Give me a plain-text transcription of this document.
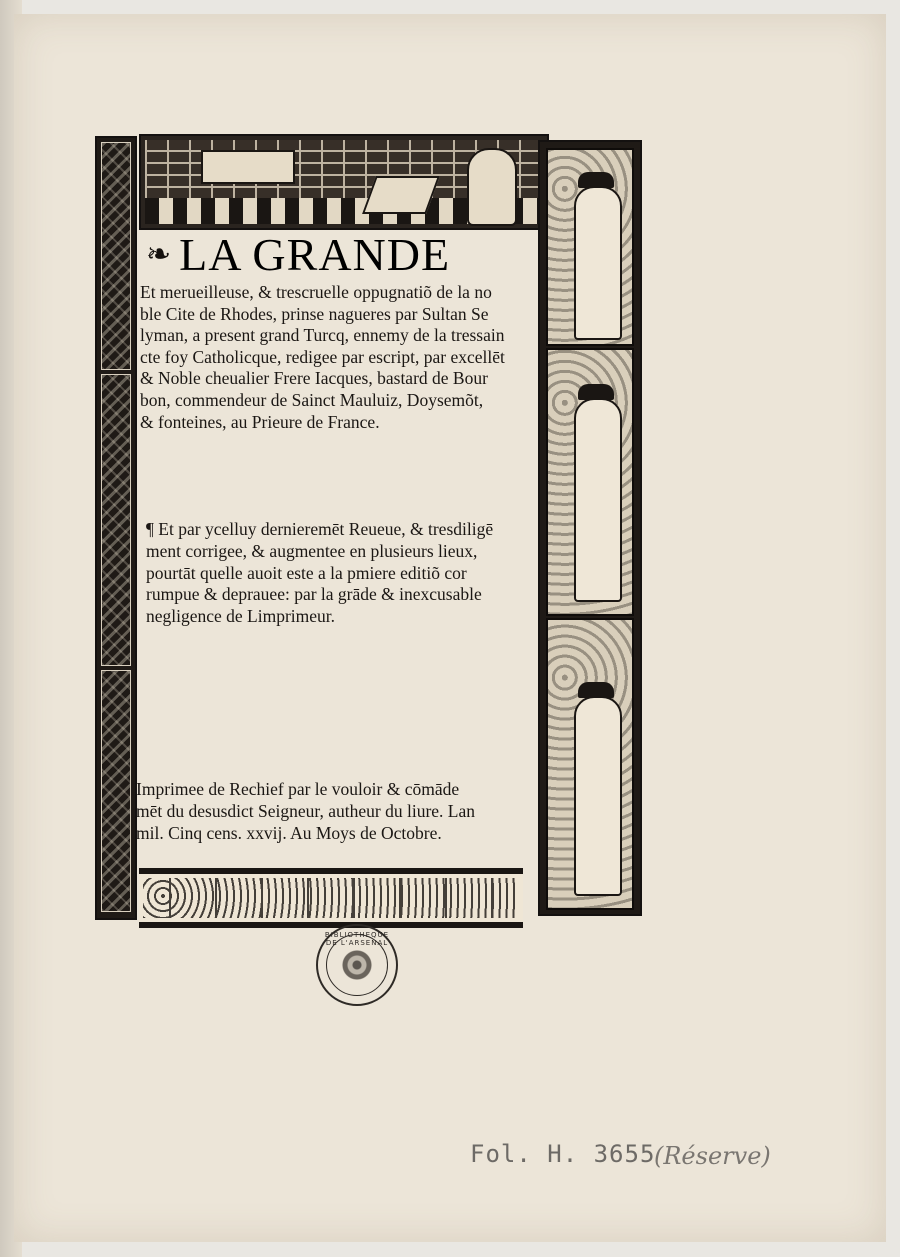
❧ LA GRANDE
Et merueilleuse, & trescruelle oppugnatiõ de la no
ble Cite de Rhodes, prinse nagueres par Sultan Se
lyman, a present grand Turcq, ennemy de la tressain
cte foy Catholicque, redigee par escript, par excellēt
& Noble cheualier Frere Iacques, bastard de Bour
bon, commendeur de Sainct Mauluiz, Doysemõt,
& fonteines, au Prieure de France.
¶ Et par ycelluy dernieremēt Reueue, & tresdiligē
ment corrigee, & augmentee en plusieurs lieux,
pourtāt quelle auoit este a la pmiere editiõ cor
rumpue & deprauee: par la grāde & inexcusable
negligence de Limprimeur.
Imprimee de Rechief par le vouloir & cōmāde
mēt du desusdict Seigneur, autheur du liure. Lan
mil. Cinq cens. xxvij. Au Moys de Octobre.
BIBLIOTHEQUE DE L'ARSENAL
Fol. H. 3655
(Réserve)
